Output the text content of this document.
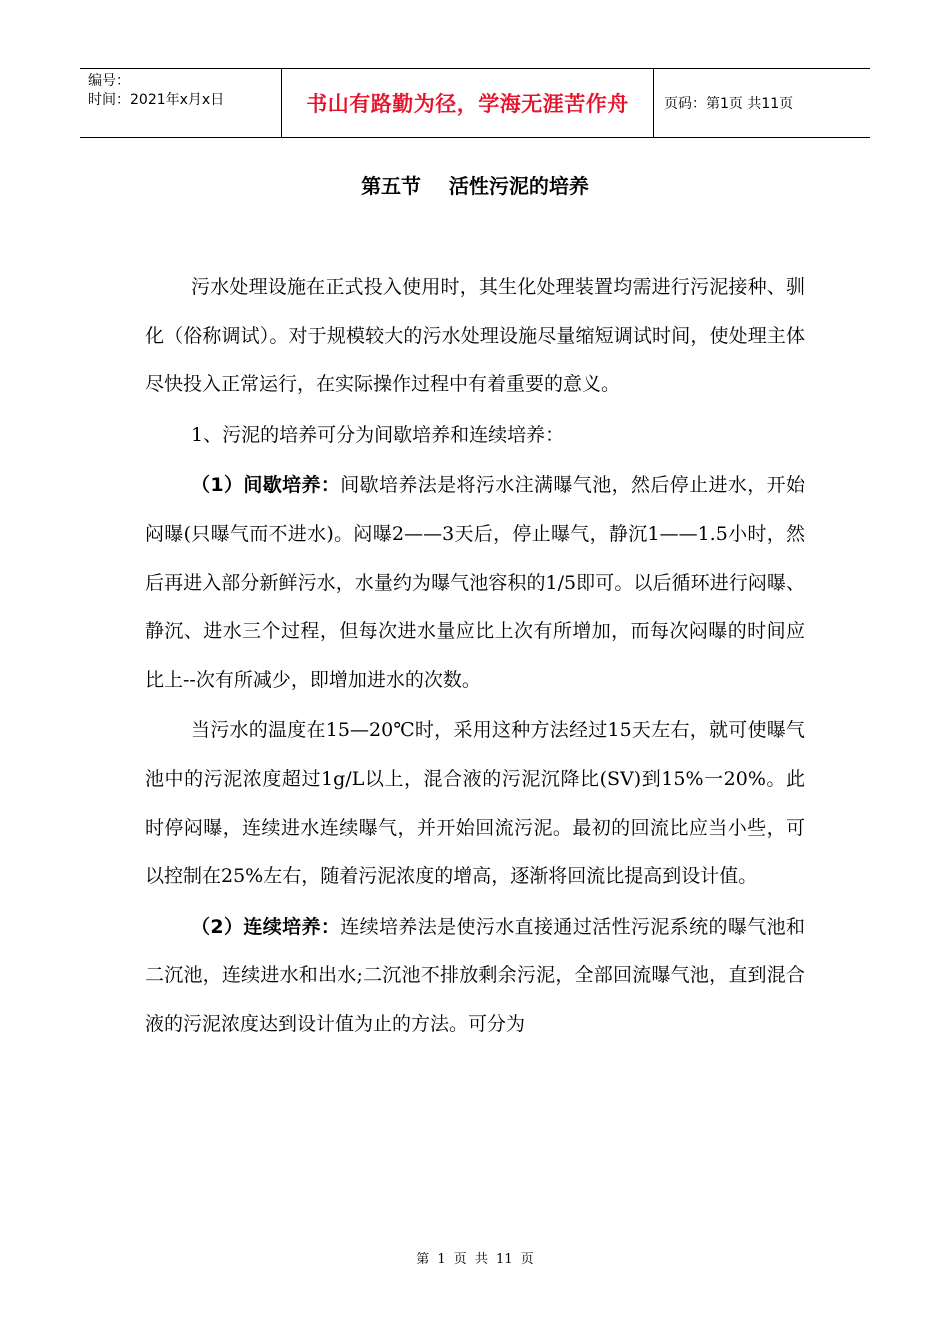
编号：
时间：2021年x月x日	书山有路勤为径，学海无涯苦作舟	页码：第1页 共11页
第五节    活性污泥的培养

污水处理设施在正式投入使用时，其生化处理装置均需进行污泥接种、驯化（俗称调试）。对于规模较大的污水处理设施尽量缩短调试时间，使处理主体尽快投入正常运行，在实际操作过程中有着重要的意义。

1、污泥的培养可分为间歇培养和连续培养：

（1）间歇培养：间歇培养法是将污水注满曝气池，然后停止进水，开始闷曝(只曝气而不进水)。闷曝2——3天后，停止曝气，静沉1——1.5小时，然后再进入部分新鲜污水，水量约为曝气池容积的1/5即可。以后循环进行闷曝、静沉、进水三个过程，但每次进水量应比上次有所增加，而每次闷曝的时间应比上--次有所减少，即增加进水的次数。

当污水的温度在15—20℃时，采用这种方法经过15天左右，就可使曝气池中的污泥浓度超过1g/L以上，混合液的污泥沉降比(SV)到15%一20%。此时停闷曝，连续进水连续曝气，并开始回流污泥。最初的回流比应当小些，可以控制在25%左右，随着污泥浓度的增高，逐渐将回流比提高到设计值。

（2）连续培养：连续培养法是使污水直接通过活性污泥系统的曝气池和二沉池，连续进水和出水;二沉池不排放剩余污泥，全部回流曝气池，直到混合液的污泥浓度达到设计值为止的方法。可分为

第 1 页 共 11 页
